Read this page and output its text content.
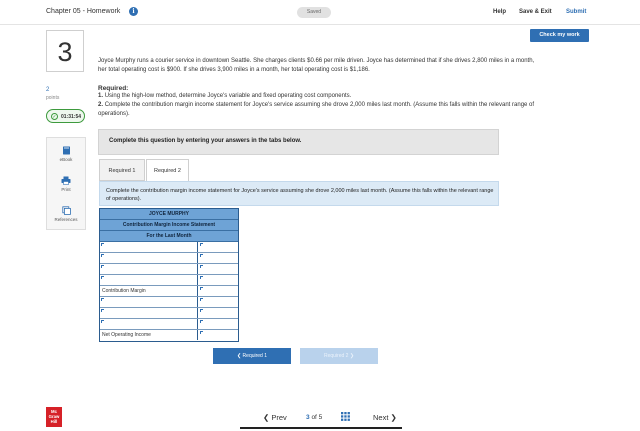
Chapter 05 - Homework	i	Saved	Help Save & Exit Submit
Check my work
3
2
points
✓ 01:31:54
eBook
Print
References

Joyce Murphy runs a courier service in downtown Seattle. She charges clients $0.66 per mile driven. Joyce has determined that if she drives 2,800 miles in a month, her total operating cost is $900. If she drives 3,900 miles in a month, her total operating cost is $1,186.

Required:
1. Using the high-low method, determine Joyce's variable and fixed operating cost components.
2. Complete the contribution margin income statement for Joyce's service assuming she drove 2,000 miles last month. (Assume this falls within the relevant range of operations).
Complete this question by entering your answers in the tabs below.
Required 1	Required 2

Complete the contribution margin income statement for Joyce's service assuming she drove 2,000 miles last month. (Assume this falls within the relevant range of operations).

JOYCE MURPHY
Contribution Margin Income Statement
For the Last Month
Contribution Margin
Net Operating Income
❮ Required 1	Required 2 ❯
Mc
Graw
Hill	❮ Prev	3 of 5	Next ❯
